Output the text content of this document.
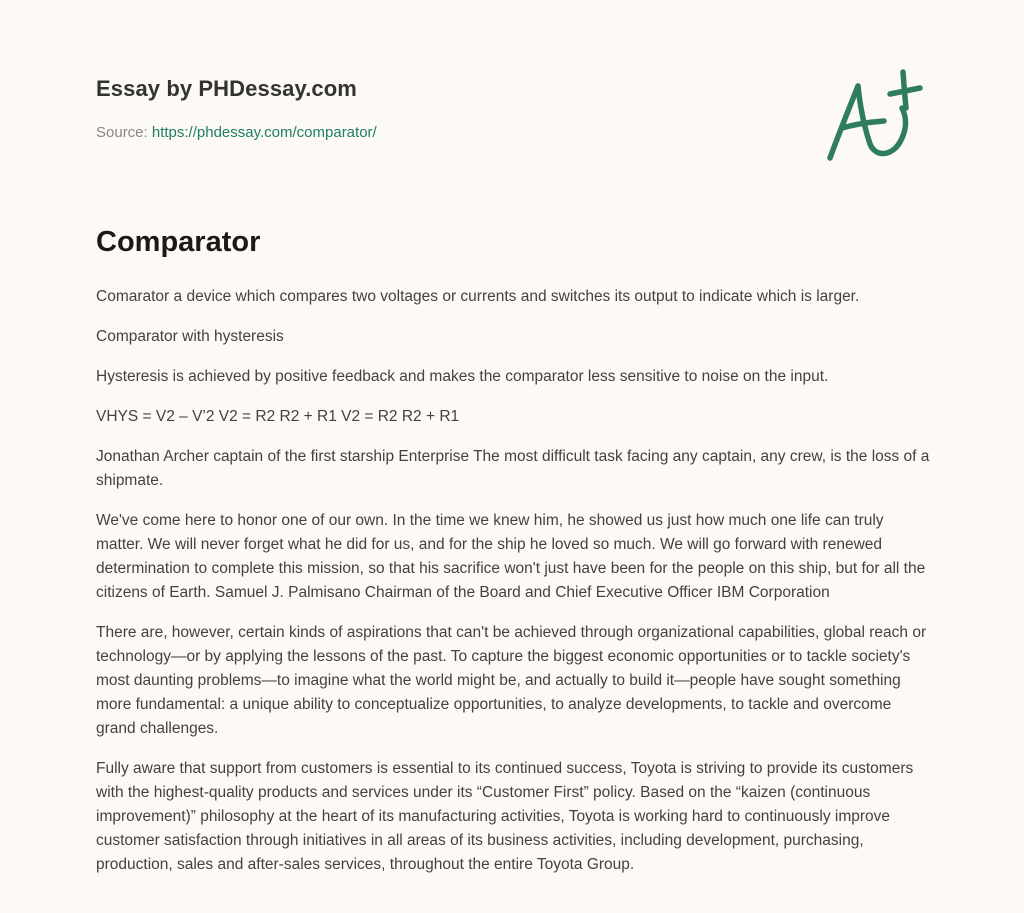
Essay by PHDessay.com
Source: https://phdessay.com/comparator/
Comparator

Comarator a device which compares two voltages or currents and switches its output to indicate which is larger.

Comparator with hysteresis

Hysteresis is achieved by positive feedback and makes the comparator less sensitive to noise on the input.

VHYS = V2 – V’2 V2 = R2 R2 + R1 V2 = R2 R2 + R1

Jonathan Archer captain of the first starship Enterprise The most difficult task facing any captain, any crew, is the loss of a shipmate.

We've come here to honor one of our own. In the time we knew him, he showed us just how much one life can truly matter. We will never forget what he did for us, and for the ship he loved so much. We will go forward with renewed determination to complete this mission, so that his sacrifice won't just have been for the people on this ship, but for all the citizens of Earth. Samuel J. Palmisano Chairman of the Board and Chief Executive Officer IBM Corporation

There are, however, certain kinds of aspirations that can't be achieved through organizational capabilities, global reach or technology—or by applying the lessons of the past. To capture the biggest economic opportunities or to tackle society's most daunting problems—to imagine what the world might be, and actually to build it—people have sought something more fundamental: a unique ability to conceptualize opportunities, to analyze developments, to tackle and overcome grand challenges.

Fully aware that support from customers is essential to its continued success, Toyota is striving to provide its customers with the highest-quality products and services under its “Customer First” policy. Based on the “kaizen (continuous improvement)” philosophy at the heart of its manufacturing activities, Toyota is working hard to continuously improve customer satisfaction through initiatives in all areas of its business activities, including development, purchasing, production, sales and after-sales services, throughout the entire Toyota Group.
